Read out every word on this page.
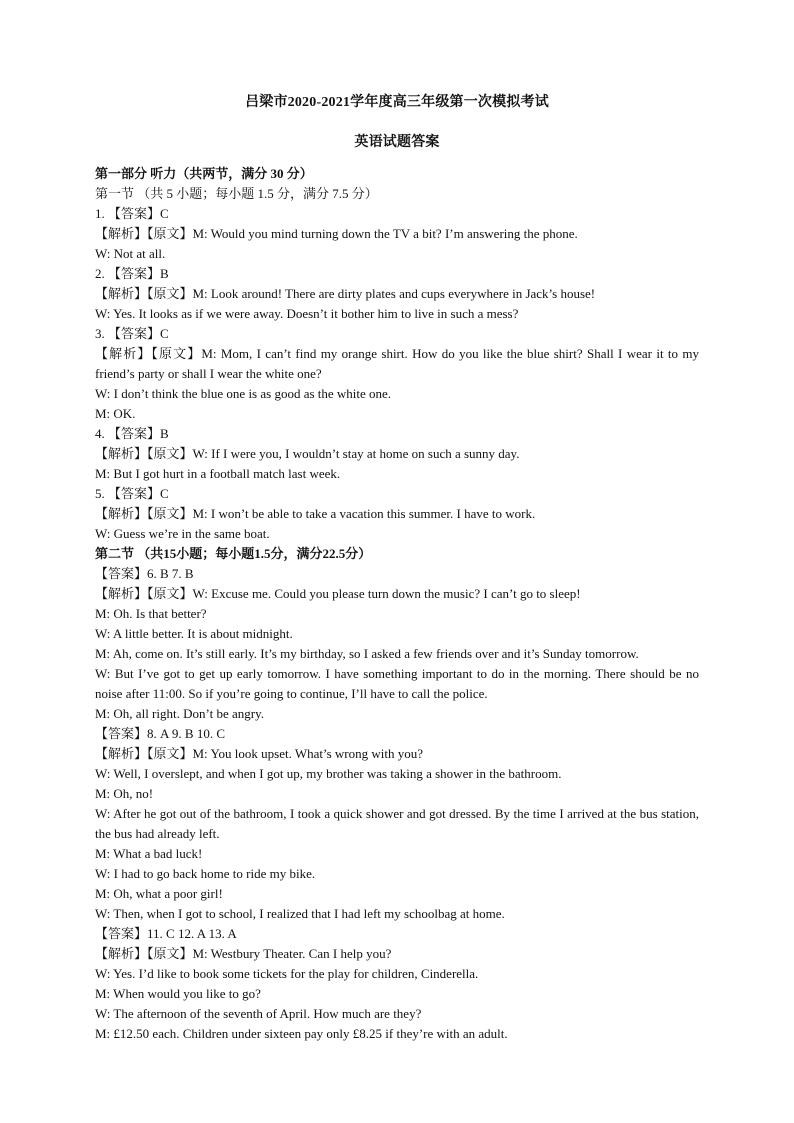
吕梁市2020-2021学年度高三年级第一次模拟考试
英语试题答案
第一部分 听力（共两节，满分 30 分）
第一节 （共 5 小题；每小题 1.5 分，满分 7.5 分）
1. 【答案】C
【解析】【原文】M: Would you mind turning down the TV a bit? I’m answering the phone.
W: Not at all.
2. 【答案】B
【解析】【原文】M: Look around! There are dirty plates and cups everywhere in Jack’s house!
W: Yes. It looks as if we were away. Doesn’t it bother him to live in such a mess?
3. 【答案】C
【解析】【原文】M: Mom, I can’t find my orange shirt. How do you like the blue shirt? Shall I wear it to my friend’s party or shall I wear the white one?
W: I don’t think the blue one is as good as the white one.
M: OK.
4. 【答案】B
【解析】【原文】W: If I were you, I wouldn’t stay at home on such a sunny day.
M: But I got hurt in a football match last week.
5. 【答案】C
【解析】【原文】M: I won’t be able to take a vacation this summer. I have to work.
W: Guess we’re in the same boat.
第二节 （共15小题；每小题1.5分，满分22.5分）
【答案】6. B 7. B
【解析】【原文】W: Excuse me. Could you please turn down the music? I can’t go to sleep!
M: Oh. Is that better?
W: A little better. It is about midnight.
M: Ah, come on. It’s still early. It’s my birthday, so I asked a few friends over and it’s Sunday tomorrow.
W: But I’ve got to get up early tomorrow. I have something important to do in the morning. There should be no noise after 11:00. So if you’re going to continue, I’ll have to call the police.
M: Oh, all right. Don’t be angry.
【答案】8. A 9. B 10. C
【解析】【原文】M: You look upset. What’s wrong with you?
W: Well, I overslept, and when I got up, my brother was taking a shower in the bathroom.
M: Oh, no!
W: After he got out of the bathroom, I took a quick shower and got dressed. By the time I arrived at the bus station, the bus had already left.
M: What a bad luck!
W: I had to go back home to ride my bike.
M: Oh, what a poor girl!
W: Then, when I got to school, I realized that I had left my schoolbag at home.
【答案】11. C 12. A 13. A
【解析】【原文】M: Westbury Theater. Can I help you?
W: Yes. I’d like to book some tickets for the play for children, Cinderella.
M: When would you like to go?
W: The afternoon of the seventh of April. How much are they?
M: £12.50 each. Children under sixteen pay only £8.25 if they’re with an adult.
